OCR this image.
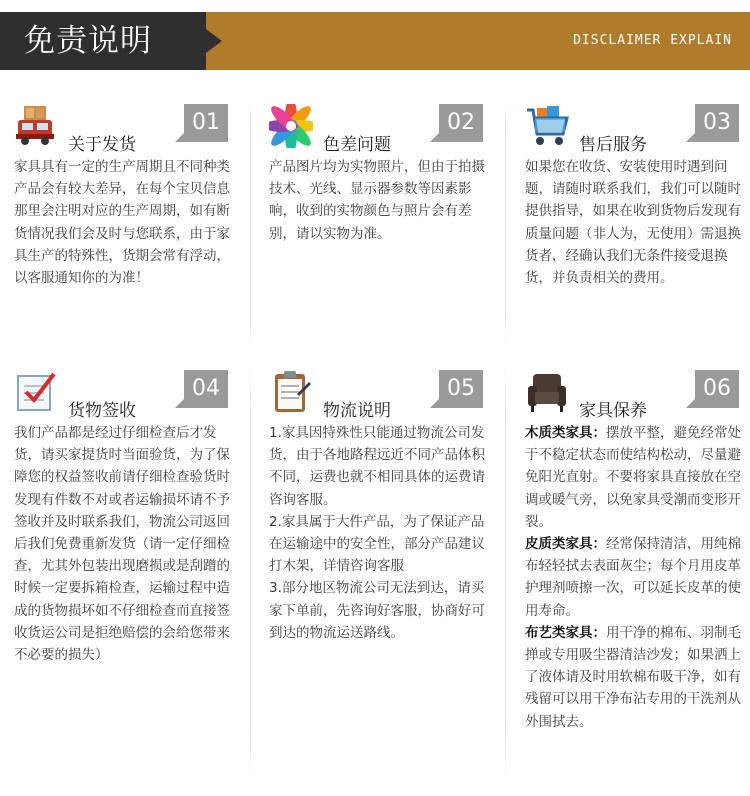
免责说明	DISCLAIMER EXPLAIN
关于发货
01

家具具有一定的生产周期且不同种类产品会有较大差异，在每个宝贝信息那里会注明对应的生产周期，如有断货情况我们会及时与您联系，由于家具生产的特殊性，货期会常有浮动，以客服通知你的为准！

色差问题
02

产品图片均为实物照片，但由于拍摄技术、光线、显示器参数等因素影响，收到的实物颜色与照片会有差别，请以实物为准。

售后服务
03

如果您在收货、安装使用时遇到问题，请随时联系我们，我们可以随时提供指导，如果在收到货物后发现有质量问题（非人为，无使用）需退换货者，经确认我们无条件接受退换货，并负责相关的费用。

货物签收
04

我们产品都是经过仔细检查后才发货，请买家提货时当面验货，为了保障您的权益签收前请仔细检查验货时发现有件数不对或者运输损坏请不予签收并及时联系我们，物流公司返回后我们免费重新发货（请一定仔细检查，尤其外包装出现磨损或是刮蹭的时候一定要拆箱检查，运输过程中造成的货物损坏如不仔细检查而直接签收货运公司是拒绝赔偿的会给您带来不必要的损失）

物流说明
05

1.家具因特殊性只能通过物流公司发货，由于各地路程远近不同产品体积不同，运费也就不相同具体的运费请咨询客服。

2.家具属于大件产品，为了保证产品在运输途中的安全性，部分产品建议打木架，详情咨询客服

3.部分地区物流公司无法到达，请买家下单前，先咨询好客服，协商好可到达的物流运送路线。

家具保养
06

木质类家具：摆放平整，避免经常处于不稳定状态而使结构松动，尽量避免阳光直射。不要将家具直接放在空调或暖气旁，以免家具受潮而变形开裂。

皮质类家具：经常保持清洁，用纯棉布轻轻拭去表面灰尘；每个月用皮革护理剂喷擦一次，可以延长皮革的使用寿命。

布艺类家具：用干净的棉布、羽制毛掸或专用吸尘器清洁沙发；如果洒上了液体请及时用软棉布吸干净，如有残留可以用干净布沾专用的干洗剂从外围拭去。
